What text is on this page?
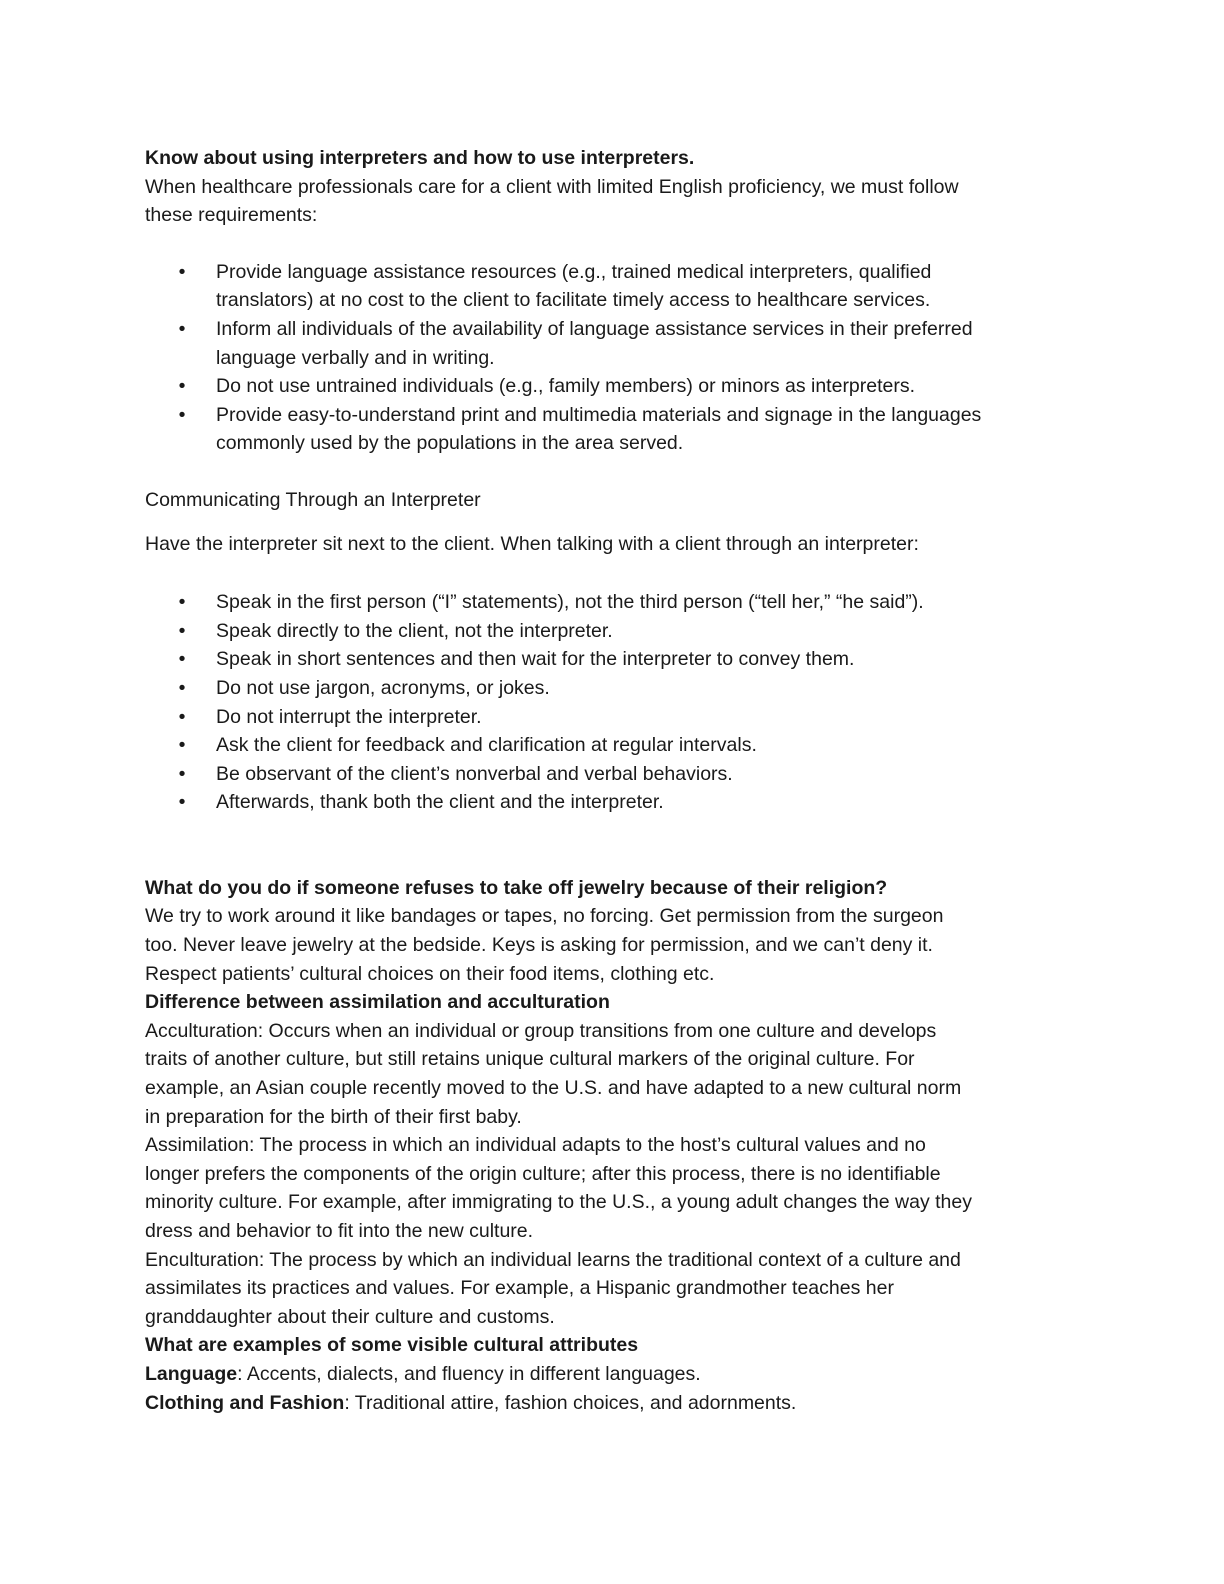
Know about using interpreters and how to use interpreters.

When healthcare professionals care for a client with limited English proficiency, we must follow

these requirements:

• Provide language assistance resources (e.g., trained medical interpreters, qualified
translators) at no cost to the client to facilitate timely access to healthcare services.
• Inform all individuals of the availability of language assistance services in their preferred
language verbally and in writing.
• Do not use untrained individuals (e.g., family members) or minors as interpreters.
• Provide easy-to-understand print and multimedia materials and signage in the languages
commonly used by the populations in the area served.

Communicating Through an Interpreter

Have the interpreter sit next to the client. When talking with a client through an interpreter:

• Speak in the first person (“I” statements), not the third person (“tell her,” “he said”).
• Speak directly to the client, not the interpreter.
• Speak in short sentences and then wait for the interpreter to convey them.
• Do not use jargon, acronyms, or jokes.
• Do not interrupt the interpreter.
• Ask the client for feedback and clarification at regular intervals.
• Be observant of the client’s nonverbal and verbal behaviors.
• Afterwards, thank both the client and the interpreter.

What do you do if someone refuses to take off jewelry because of their religion?

We try to work around it like bandages or tapes, no forcing. Get permission from the surgeon

too. Never leave jewelry at the bedside. Keys is asking for permission, and we can’t deny it.

Respect patients’ cultural choices on their food items, clothing etc.

Difference between assimilation and acculturation

Acculturation: Occurs when an individual or group transitions from one culture and develops

traits of another culture, but still retains unique cultural markers of the original culture. For

example, an Asian couple recently moved to the U.S. and have adapted to a new cultural norm

in preparation for the birth of their first baby.

Assimilation: The process in which an individual adapts to the host’s cultural values and no

longer prefers the components of the origin culture; after this process, there is no identifiable

minority culture. For example, after immigrating to the U.S., a young adult changes the way they

dress and behavior to fit into the new culture.

Enculturation: The process by which an individual learns the traditional context of a culture and

assimilates its practices and values. For example, a Hispanic grandmother teaches her

granddaughter about their culture and customs.

What are examples of some visible cultural attributes

Language: Accents, dialects, and fluency in different languages.

Clothing and Fashion: Traditional attire, fashion choices, and adornments.
